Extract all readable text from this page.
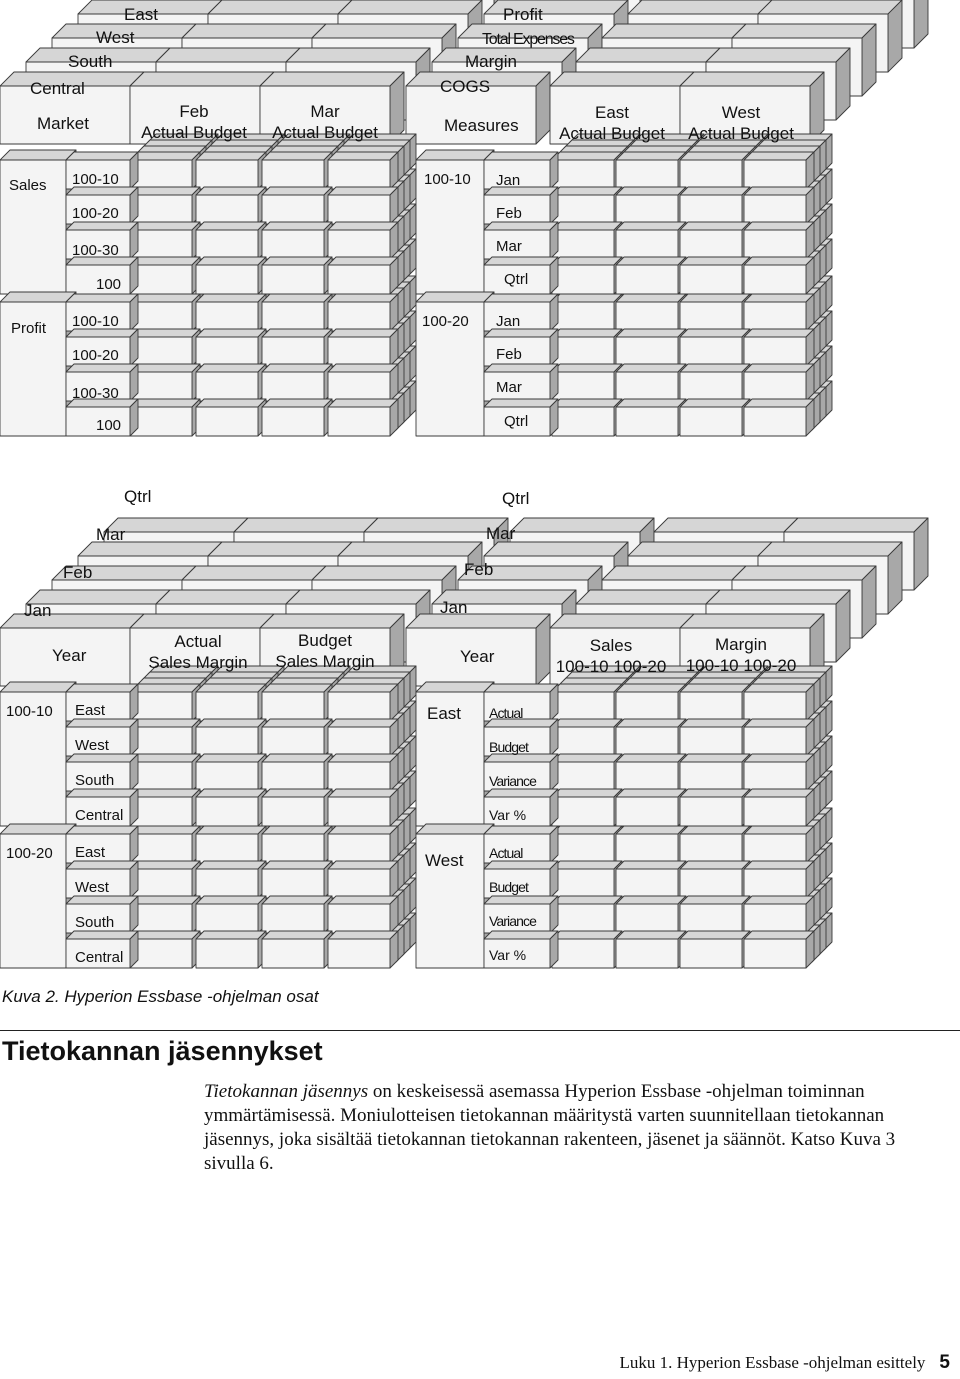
East
West
South
Central
Market
Feb
Actual Budget
Mar
Actual Budget
Profit
Total Expenses
Margin
COGS
Measures
East
Actual Budget
West
Actual Budget
Sales
Profit
100-10
100-20
100-30
100
100-10
100-20
100-30
100
100-10
100-20
Jan
Feb
Mar
Qtrl
Jan
Feb
Mar
Qtrl
Qtrl
Mar
Feb
Jan
Year
Actual
Sales Margin
Budget
Sales Margin
Qtrl
Mar
Feb
Jan
Year
Sales
100-10 100-20
Margin
100-10 100-20
100-10
100-20
East
West
South
Central
East
West
South
Central
East
West
Actual
Budget
Variance
Var %
Actual
Budget
Variance
Var %
Kuva 2. Hyperion Essbase -ohjelman osat
Tietokannan jäsennykset

Tietokannan jäsennys on keskeisessä asemassa Hyperion Essbase -ohjelman toiminnan ymmärtämisessä. Moniulotteisen tietokannan määritystä varten suunnitellaan tietokannan jäsennys, joka sisältää tietokannan tietokannan rakenteen, jäsenet ja säännöt. Katso Kuva 3 sivulla 6.

Luku 1. Hyperion Essbase -ohjelman esittely 5
